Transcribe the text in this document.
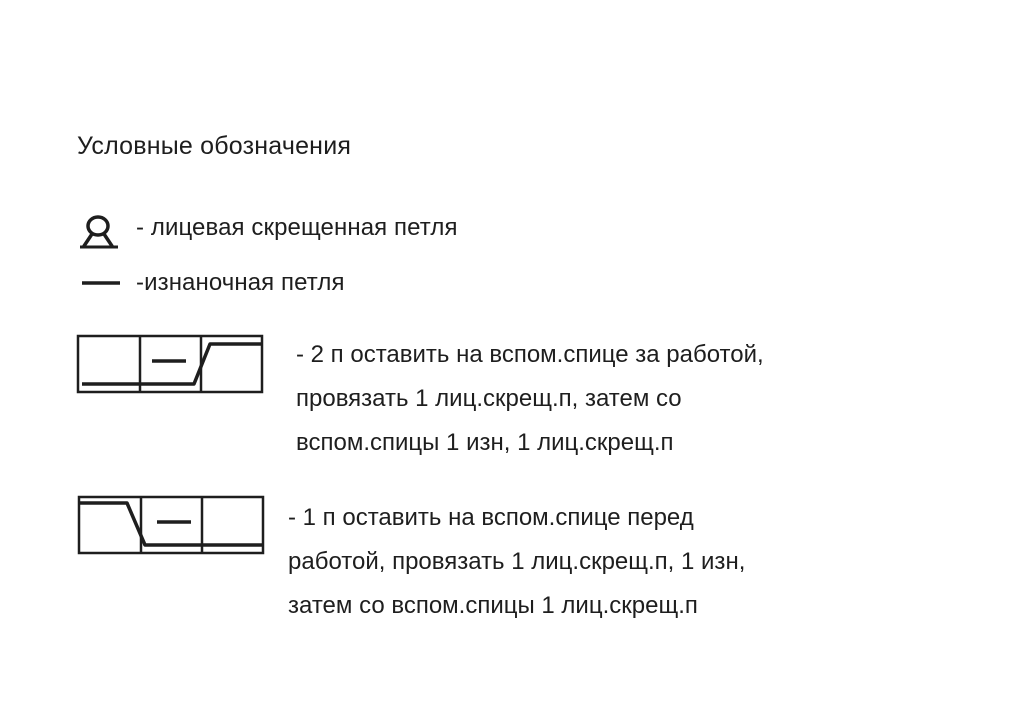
Условные обозначения
- лицевая скрещенная петля
-изнаночная петля
- 2 п оставить на вспом.спице за работой,
провязать 1 лиц.скрещ.п, затем со
вспом.спицы 1 изн, 1 лиц.скрещ.п
- 1 п оставить на вспом.спице перед
работой, провязать 1 лиц.скрещ.п, 1 изн,
затем со вспом.спицы 1 лиц.скрещ.п
